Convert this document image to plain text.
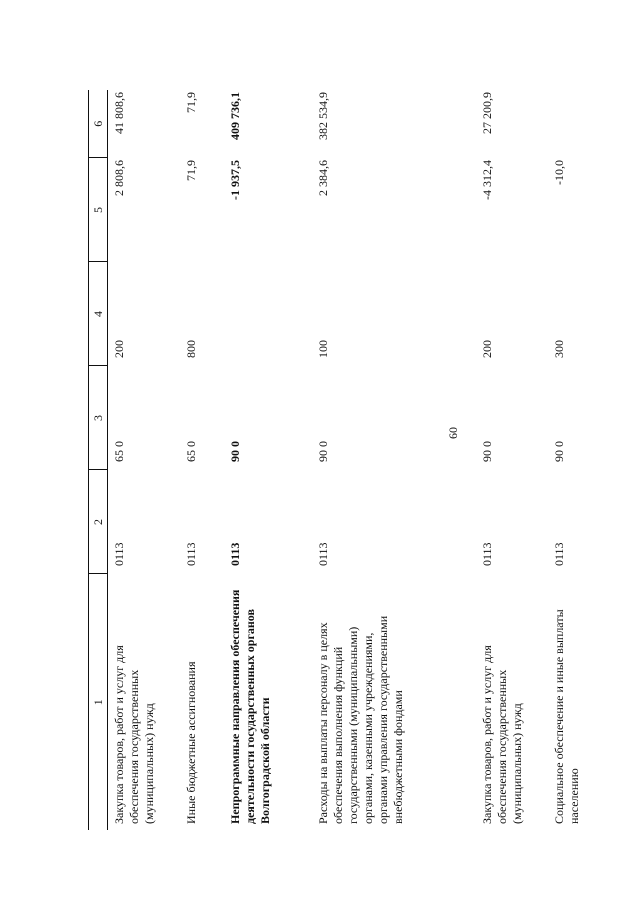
60
1	2	3	4	5	6
Закупка товаров, работ и услуг для обеспечения государственных (муниципальных) нужд	0113	65 0	200	2 808,6	41 808,6
Иные бюджетные ассигнования	0113	65 0	800	71,9	71,9
Непрограммные направления обеспечения деятельности государственных органов Волгоградской области	0113	90 0		-1 937,5	409 736,1
Расходы на выплаты персоналу в целях обеспечения выполнения функций государственными (муниципальными) органами, казенными учреждениями, органами управления государственными внебюджетными фондами	0113	90 0	100	2 384,6	382 534,9
Закупка товаров, работ и услуг для обеспечения государственных (муниципальных) нужд	0113	90 0	200	-4 312,4	27 200,9
Социальное обеспечение и иные выплаты населению	0113	90 0	300	-10,0	
